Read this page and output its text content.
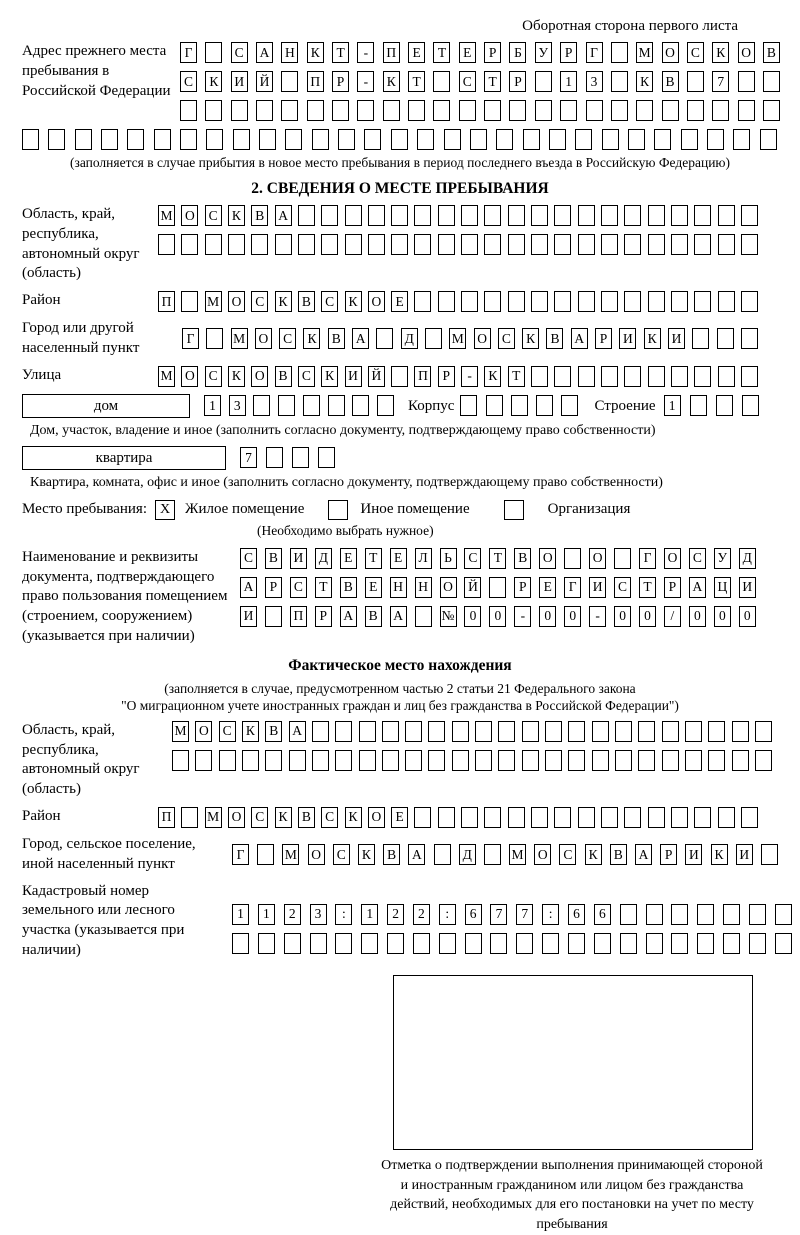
Оборотная сторона первого листа
Адрес прежнего места пребывания в Российской Федерации
Г	С А Н К	Т	-	П	Е	Т	Е	Р	Б	У	Р	Г	М О С К О В
С К И Й	П	Р	-	К	Т	С	Т	Р	1	3	К В	7
(заполняется в случае прибытия в новое место пребывания в период последнего въезда в Российскую Федерацию)
2. СВЕДЕНИЯ О МЕСТЕ ПРЕБЫВАНИЯ
Область, край, республика, автономный округ (область)
М О С К В А
Район	П	М О С К В С К О	Е
Город или другой населенный пункт
Г	М О С К В А	Д	М О С К В А	Р	И К И
Улица	М О С К О В С К И Й	П	Р	-	К	Т
дом	1	3	Корпус	Строение 1
Дом, участок, владение и иное (заполнить согласно документу, подтверждающему право собственности)
квартира	7
Квартира, комната, офис и иное (заполнить согласно документу, подтверждающему право собственности)
Место пребывания: X Жилое помещение	Иное помещение	Организация
(Необходимо выбрать нужное)
Наименование и реквизиты документа, подтверждающего право пользования помещением (строением, сооружением) (указывается при наличии)
С В И Д	Е	Т	Е	Л	Ь	С	Т	В О	О	Г	О С У Д
А	Р	С	Т	В	Е	Н Н О Й	Р	Е	Г	И С	Т	Р	А Ц И
И	П	Р	А В А	№	0	0	-	0	0	-	0	0	/	0	0	0
Фактическое место нахождения
(заполняется в случае, предусмотренном частью 2 статьи 21 Федерального закона
"О миграционном учете иностранных граждан и лиц без гражданства в Российской Федерации")
Область, край, республика, автономный округ (область)
М О С К В А
Район	П	М О С К В С К О	Е
Город, сельское поселение, иной населенный пункт
Г	М О С К В А	Д	М О С К В А	Р	И К И
Кадастровый номер земельного или лесного участка (указывается при наличии)
1	1	2	3	:	1	2	2	:	6	7	7	:	6	6
Отметка о подтверждении выполнения принимающей стороной и иностранным гражданином или лицом без гражданства действий, необходимых для его постановки на учет по месту пребывания
